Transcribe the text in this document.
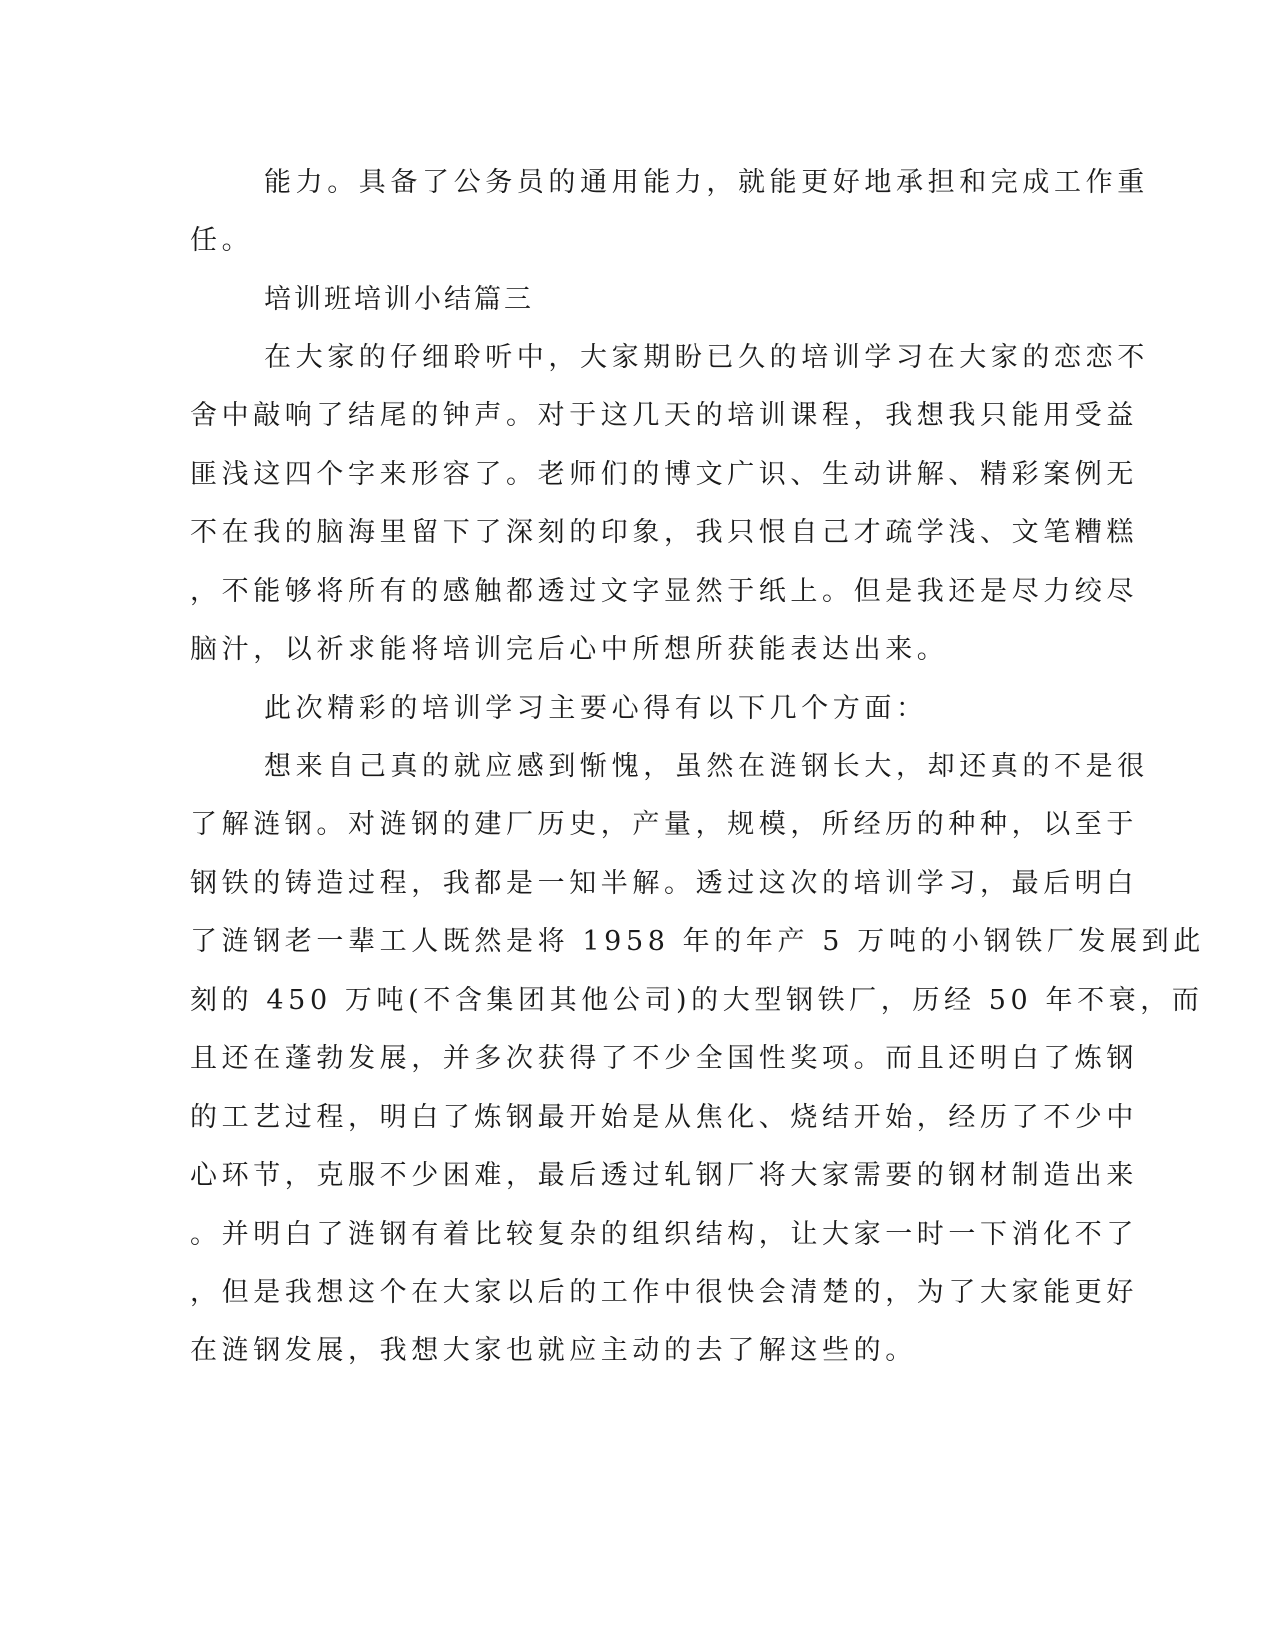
能力。具备了公务员的通用能力，就能更好地承担和完成工作重
任。
培训班培训小结篇三
在大家的仔细聆听中，大家期盼已久的培训学习在大家的恋恋不
舍中敲响了结尾的钟声。对于这几天的培训课程，我想我只能用受益
匪浅这四个字来形容了。老师们的博文广识、生动讲解、精彩案例无
不在我的脑海里留下了深刻的印象，我只恨自己才疏学浅、文笔糟糕
，不能够将所有的感触都透过文字显然于纸上。但是我还是尽力绞尽
脑汁，以祈求能将培训完后心中所想所获能表达出来。
此次精彩的培训学习主要心得有以下几个方面：
想来自己真的就应感到惭愧，虽然在涟钢长大，却还真的不是很
了解涟钢。对涟钢的建厂历史，产量，规模，所经历的种种，以至于
钢铁的铸造过程，我都是一知半解。透过这次的培训学习，最后明白
了涟钢老一辈工人既然是将 1958 年的年产 5 万吨的小钢铁厂发展到此
刻的 450 万吨(不含集团其他公司)的大型钢铁厂，历经 50 年不衰，而
且还在蓬勃发展，并多次获得了不少全国性奖项。而且还明白了炼钢
的工艺过程，明白了炼钢最开始是从焦化、烧结开始，经历了不少中
心环节，克服不少困难，最后透过轧钢厂将大家需要的钢材制造出来
。并明白了涟钢有着比较复杂的组织结构，让大家一时一下消化不了
，但是我想这个在大家以后的工作中很快会清楚的，为了大家能更好
在涟钢发展，我想大家也就应主动的去了解这些的。
